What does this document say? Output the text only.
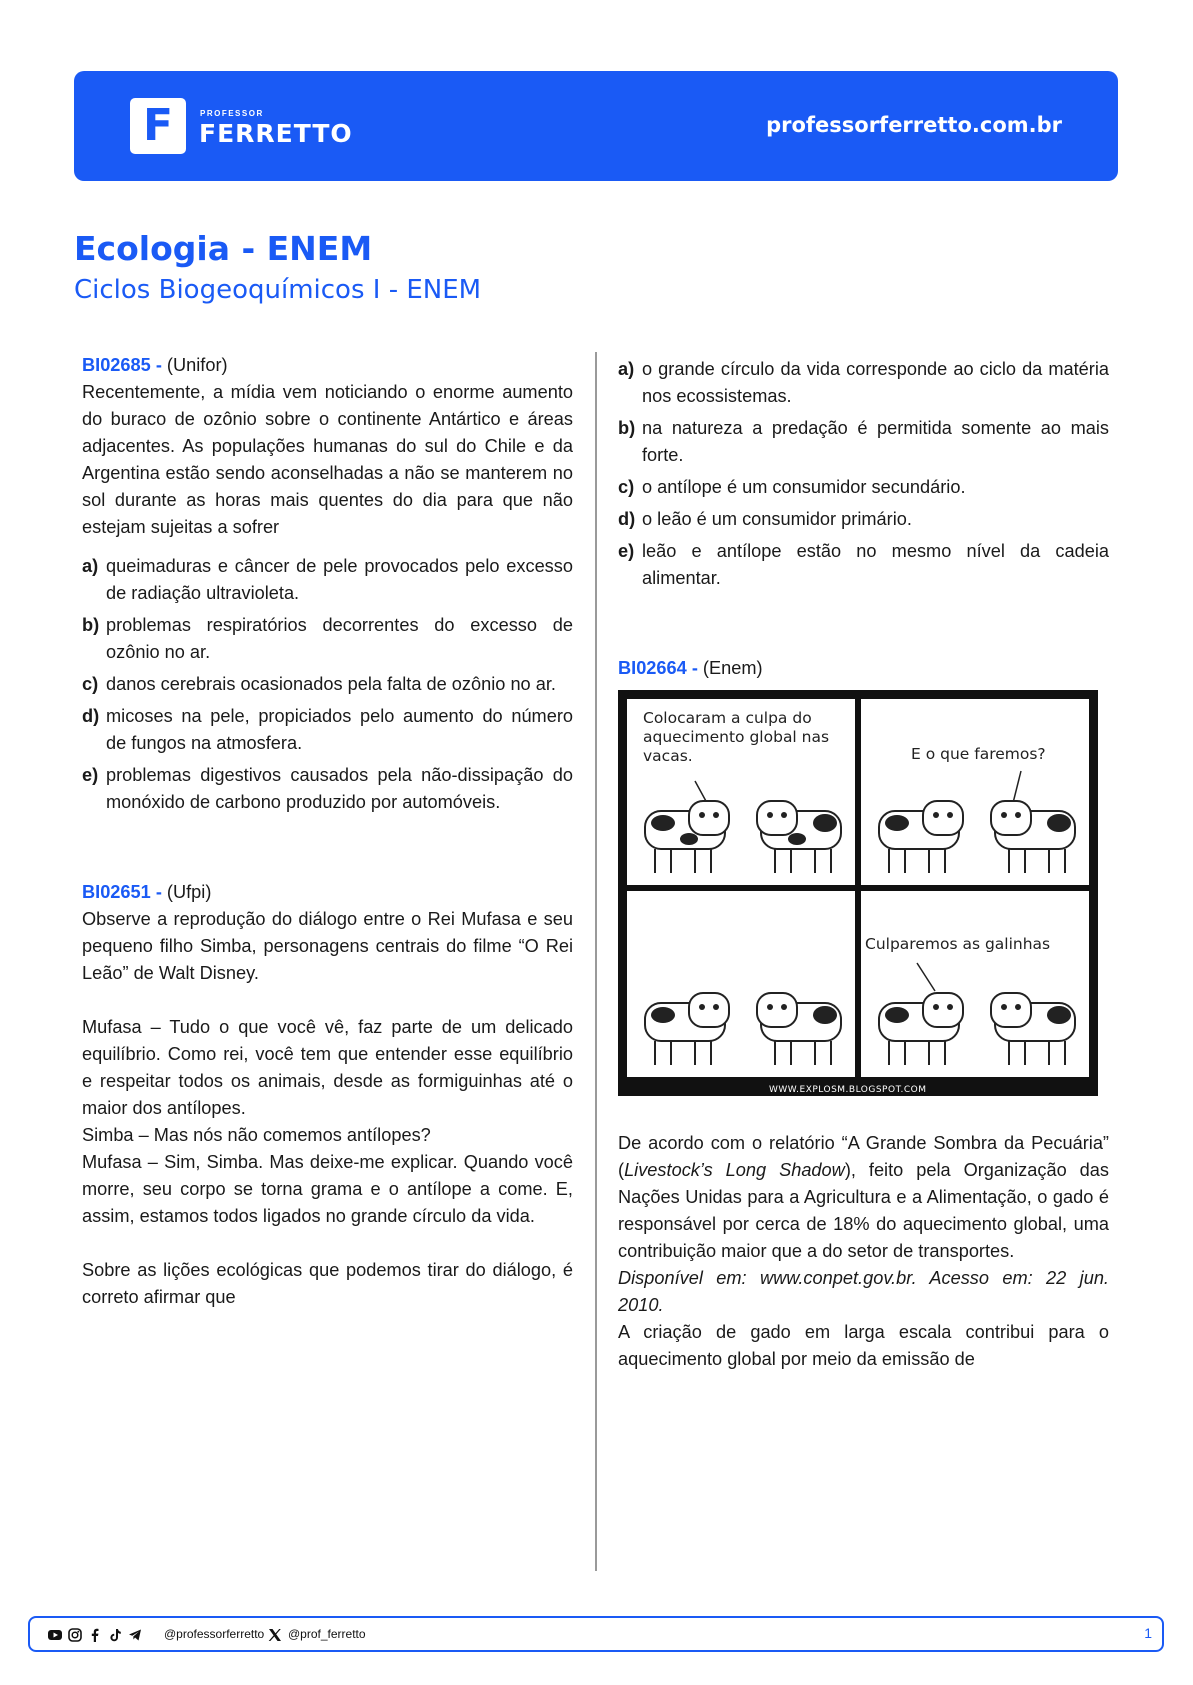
F	PROFESSOR
FERRETTO	professorferretto.com.br
Ecologia - ENEM
Ciclos Biogeoquímicos I - ENEM

BI02685 - (Unifor)

Recentemente, a mídia vem noticiando o enorme aumento do buraco de ozônio sobre o continente Antártico e áreas adjacentes. As populações humanas do sul do Chile e da Argentina estão sendo aconselhadas a não se manterem no sol durante as horas mais quentes do dia para que não estejam sujeitas a sofrer

a) queimaduras e câncer de pele provocados pelo excesso de radiação ultravioleta.
b) problemas respiratórios decorrentes do excesso de ozônio no ar.
c) danos cerebrais ocasionados pela falta de ozônio no ar.
d) micoses na pele, propiciados pelo aumento do número de fungos na atmosfera.
e) problemas digestivos causados pela não-dissipação do monóxido de carbono produzido por automóveis.

BI02651 - (Ufpi)

Observe a reprodução do diálogo entre o Rei Mufasa e seu pequeno filho Simba, personagens centrais do filme “O Rei Leão” de Walt Disney.

Mufasa – Tudo o que você vê, faz parte de um delicado equilíbrio. Como rei, você tem que entender esse equilíbrio e respeitar todos os animais, desde as formiguinhas até o maior dos antílopes.

Simba – Mas nós não comemos antílopes?

Mufasa – Sim, Simba. Mas deixe-me explicar. Quando você morre, seu corpo se torna grama e o antílope a come. E, assim, estamos todos ligados no grande círculo da vida.

Sobre as lições ecológicas que podemos tirar do diálogo, é correto afirmar que

a) o grande círculo da vida corresponde ao ciclo da matéria nos ecossistemas.
b) na natureza a predação é permitida somente ao mais forte.
c) o antílope é um consumidor secundário.
d) o leão é um consumidor primário.
e) leão e antílope estão no mesmo nível da cadeia alimentar.

BI02664 - (Enem)

Colocaram a culpa do aquecimento global nas vacas.	E o que faremos?
Culparemos as galinhas
WWW.EXPLOSM.BLOGSPOT.COM

De acordo com o relatório “A Grande Sombra da Pecuária” (Livestock’s Long Shadow), feito pela Organização das Nações Unidas para a Agricultura e a Alimentação, o gado é responsável por cerca de 18% do aquecimento global, uma contribuição maior que a do setor de transportes.

Disponível em: www.conpet.gov.br. Acesso em: 22 jun. 2010.

A criação de gado em larga escala contribui para o aquecimento global por meio da emissão de

@professorferretto @prof_ferretto	1
